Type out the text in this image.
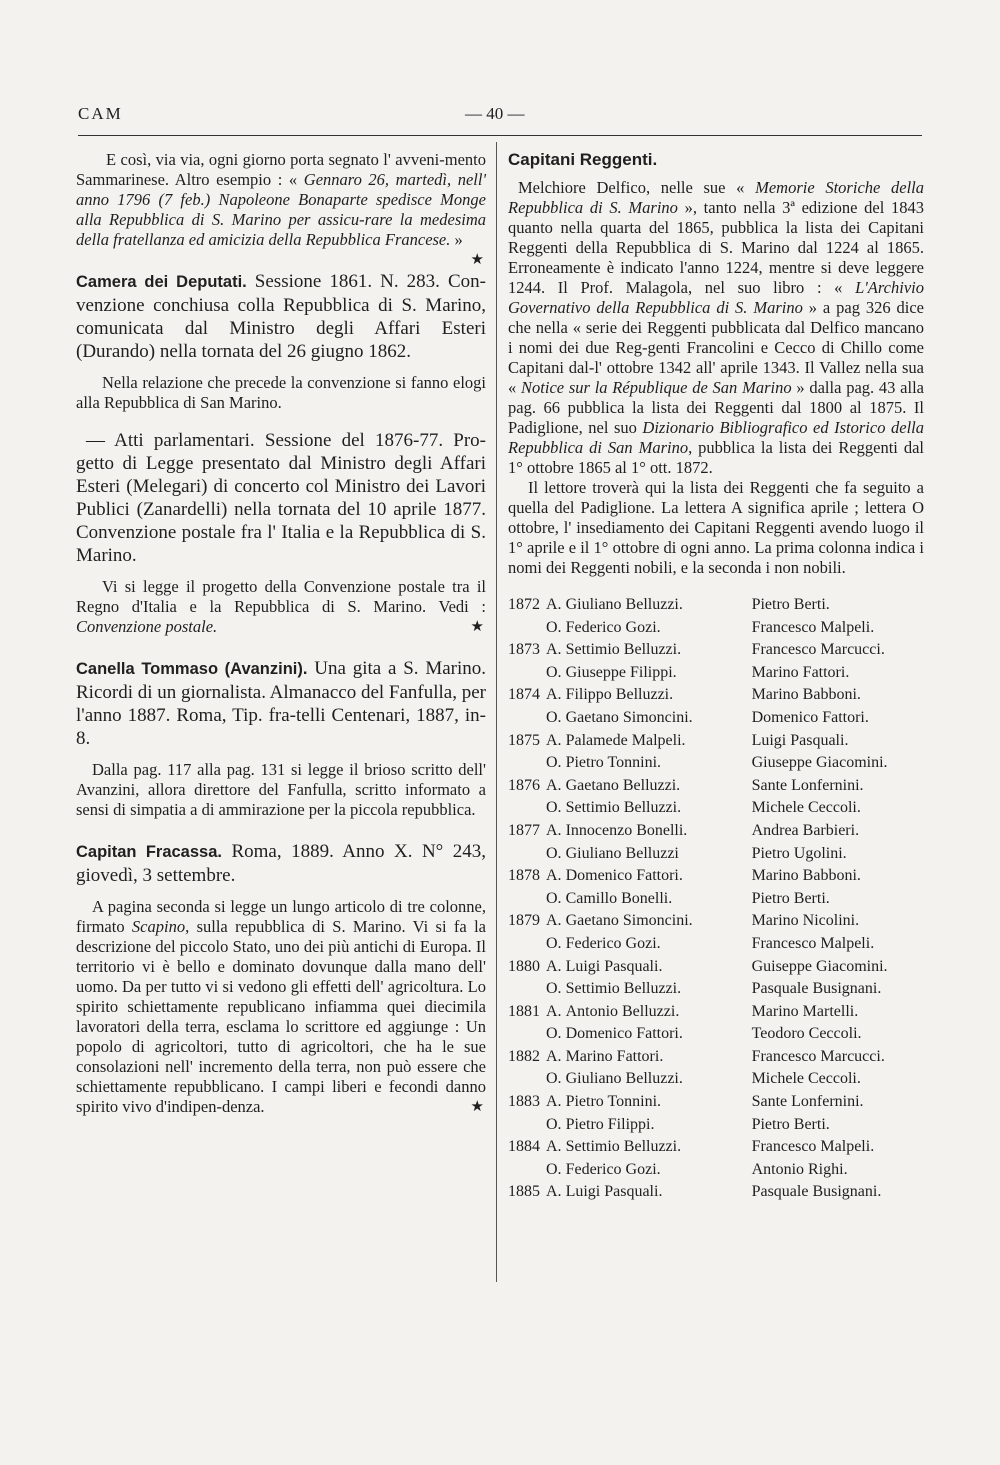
CAM	— 40 —

E così, via via, ogni giorno porta segnato l' avveni-mento Sammarinese. Altro esempio : « Gennaro 26, martedì, nell' anno 1796 (7 feb.) Napoleone Bonaparte spedisce Monge alla Repubblica di S. Marino per assicu-rare la medesima della fratellanza ed amicizia della Repubblica Francese. »
★

Camera dei Deputati. Sessione 1861. N. 283. Con-venzione conchiusa colla Repubblica di S. Marino, comunicata dal Ministro degli Affari Esteri (Durando) nella tornata del 26 giugno 1862.

Nella relazione che precede la convenzione si fanno elogi alla Repubblica di San Marino.

— Atti parlamentari. Sessione del 1876-77. Pro-getto di Legge presentato dal Ministro degli Affari Esteri (Melegari) di concerto col Ministro dei Lavori Publici (Zanardelli) nella tornata del 10 aprile 1877. Convenzione postale fra l' Italia e la Repubblica di S. Marino.

Vi si legge il progetto della Convenzione postale tra il Regno d'Italia e la Repubblica di S. Marino. Vedi : Convenzione postale.	★

Canella Tommaso (Avanzini). Una gita a S. Marino. Ricordi di un giornalista. Almanacco del Fanfulla, per l'anno 1887. Roma, Tip. fra-telli Centenari, 1887, in-8.

Dalla pag. 117 alla pag. 131 si legge il brioso scritto dell' Avanzini, allora direttore del Fanfulla, scritto informato a sensi di simpatia a di ammirazione per la piccola repubblica.

Capitan Fracassa. Roma, 1889. Anno X. N° 243, giovedì, 3 settembre.

A pagina seconda si legge un lungo articolo di tre colonne, firmato Scapino, sulla repubblica di S. Marino. Vi si fa la descrizione del piccolo Stato, uno dei più antichi di Europa. Il territorio vi è bello e dominato dovunque dalla mano dell' uomo. Da per tutto vi si vedono gli effetti dell' agricoltura. Lo spirito schiettamente republicano infiamma quei diecimila lavoratori della terra, esclama lo scrittore ed aggiunge : Un popolo di agricoltori, tutto di agricoltori, che ha le sue consolazioni nell' incremento della terra, non può essere che schiettamente repubblicano. I campi liberi e fecondi danno spirito vivo d'indipen-denza.	★

Capitani Reggenti.

Melchiore Delfico, nelle sue « Memorie Storiche della Repubblica di S. Marino », tanto nella 3ª edizione del 1843 quanto nella quarta del 1865, pubblica la lista dei Capitani Reggenti della Repubblica di S. Marino dal 1224 al 1865. Erroneamente è indicato l'anno 1224, mentre si deve leggere 1244. Il Prof. Malagola, nel suo libro : « L'Archivio Governativo della Repubblica di S. Marino » a pag 326 dice che nella « serie dei Reggenti pubblicata dal Delfico mancano i nomi dei due Reg-genti Francolini e Cecco di Chillo come Capitani dal-l' ottobre 1342 all' aprile 1343. Il Vallez nella sua « Notice sur la République de San Marino » dalla pag. 43 alla pag. 66 pubblica la lista dei Reggenti dal 1800 al 1875. Il Padiglione, nel suo Dizionario Bibliografico ed Istorico della Repubblica di San Marino, pubblica la lista dei Reggenti dal 1° ottobre 1865 al 1° ott. 1872.

Il lettore troverà qui la lista dei Reggenti che fa seguito a quella del Padiglione. La lettera A significa aprile ; lettera O ottobre, l' insediamento dei Capitani Reggenti avendo luogo il 1° aprile e il 1° ottobre di ogni anno. La prima colonna indica i nomi dei Reggenti nobili, e la seconda i non nobili.

1872	A.	Giuliano Belluzzi.	Pietro Berti.
	O.	Federico Gozi.	Francesco Malpeli.
1873	A.	Settimio Belluzzi.	Francesco Marcucci.
	O.	Giuseppe Filippi.	Marino Fattori.
1874	A.	Filippo Belluzzi.	Marino Babboni.
	O.	Gaetano Simoncini.	Domenico Fattori.
1875	A.	Palamede Malpeli.	Luigi Pasquali.
	O.	Pietro Tonnini.	Giuseppe Giacomini.
1876	A.	Gaetano Belluzzi.	Sante Lonfernini.
	O.	Settimio Belluzzi.	Michele Ceccoli.
1877	A.	Innocenzo Bonelli.	Andrea Barbieri.
	O.	Giuliano Belluzzi	Pietro Ugolini.
1878	A.	Domenico Fattori.	Marino Babboni.
	O.	Camillo Bonelli.	Pietro Berti.
1879	A.	Gaetano Simoncini.	Marino Nicolini.
	O.	Federico Gozi.	Francesco Malpeli.
1880	A.	Luigi Pasquali.	Guiseppe Giacomini.
	O.	Settimio Belluzzi.	Pasquale Busignani.
1881	A.	Antonio Belluzzi.	Marino Martelli.
	O.	Domenico Fattori.	Teodoro Ceccoli.
1882	A.	Marino Fattori.	Francesco Marcucci.
	O.	Giuliano Belluzzi.	Michele Ceccoli.
1883	A.	Pietro Tonnini.	Sante Lonfernini.
	O.	Pietro Filippi.	Pietro Berti.
1884	A.	Settimio Belluzzi.	Francesco Malpeli.
	O.	Federico Gozi.	Antonio Righi.
1885	A.	Luigi Pasquali.	Pasquale Busignani.
